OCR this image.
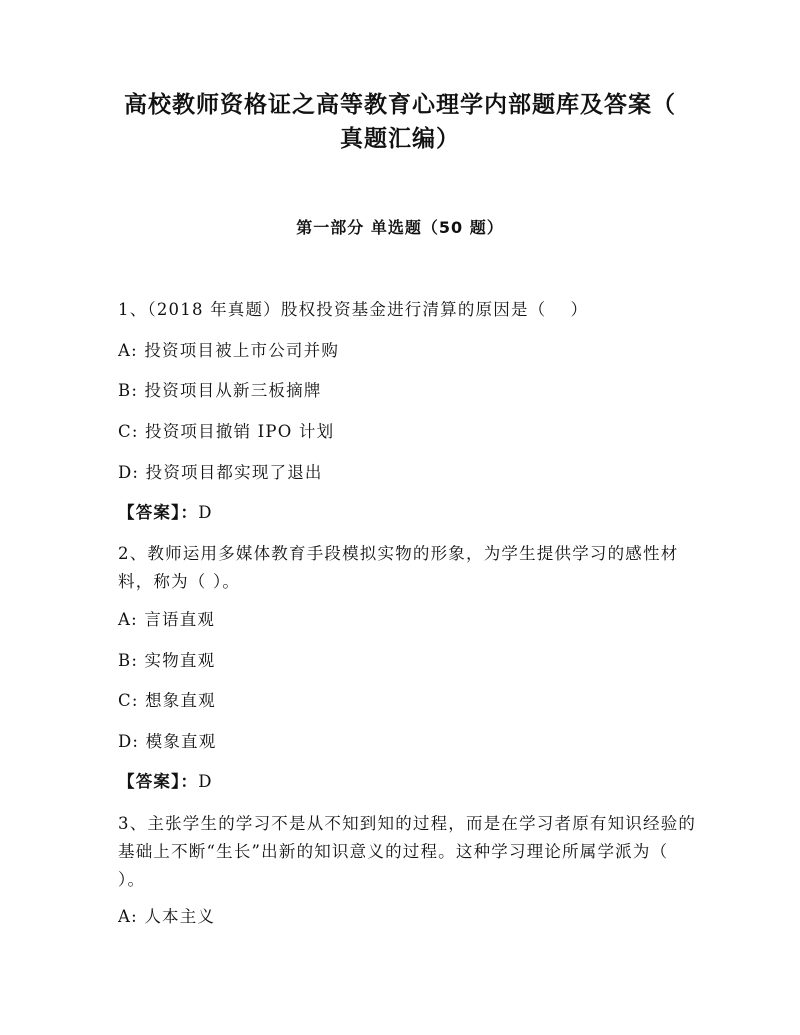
高校教师资格证之高等教育心理学内部题库及答案（
真题汇编）
第一部分 单选题（50 题）
1、（2018 年真题）股权投资基金进行清算的原因是（　 ）
A: 投资项目被上市公司并购
B: 投资项目从新三板摘牌
C: 投资项目撤销 IPO 计划
D: 投资项目都实现了退出
【答案】：D
2、教师运用多媒体教育手段模拟实物的形象，为学生提供学习的感性材料，称为（ ）。
A: 言语直观
B: 实物直观
C: 想象直观
D: 模象直观
【答案】：D
3、主张学生的学习不是从不知到知的过程，而是在学习者原有知识经验的基础上不断“生长”出新的知识意义的过程。这种学习理论所属学派为（ ）。
A: 人本主义
